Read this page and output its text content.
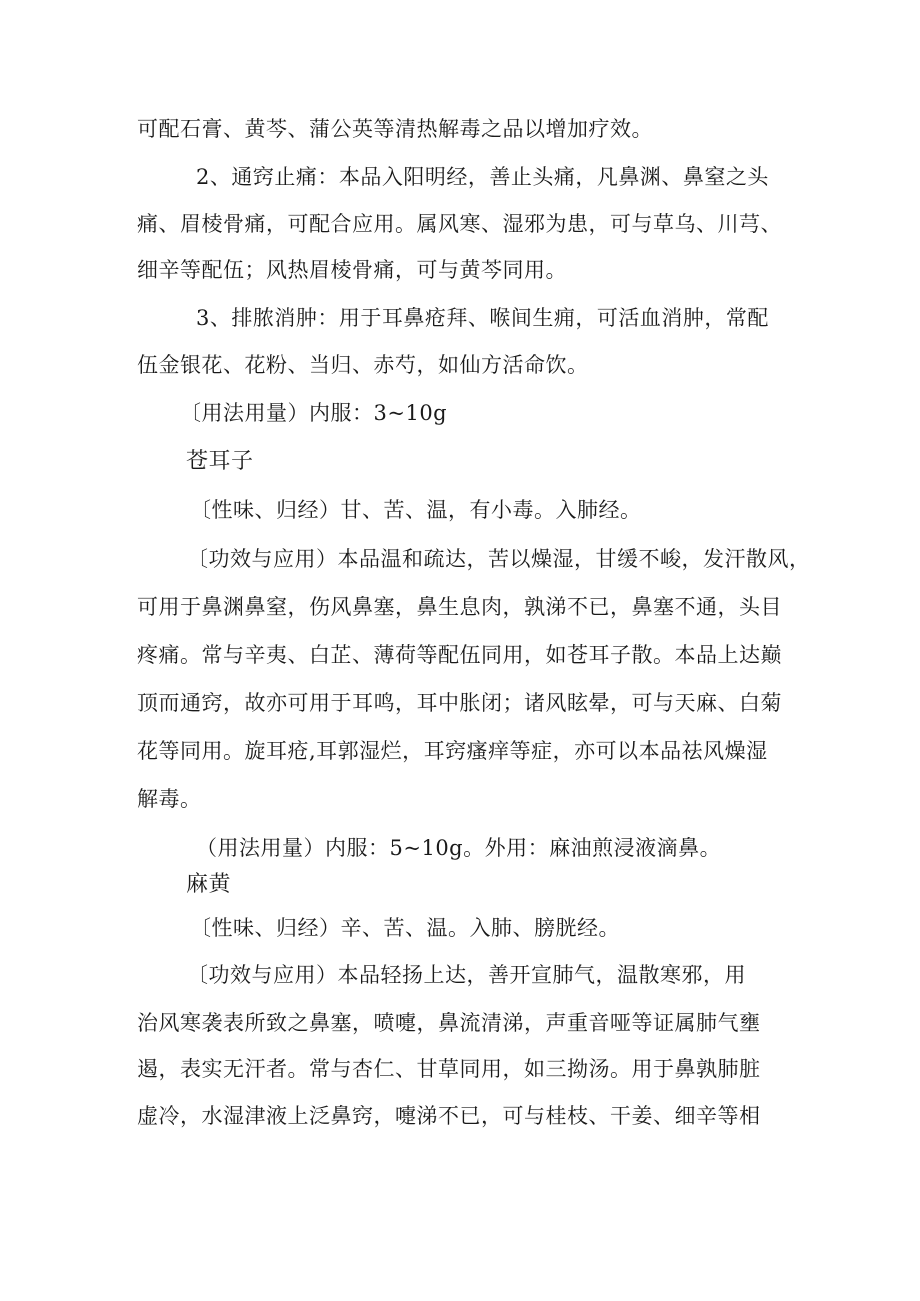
可配石膏、黄芩、蒲公英等清热解毒之品以增加疗效。
2、通窍止痛：本品入阳明经，善止头痛，凡鼻渊、鼻窒之头
痛、眉棱骨痛，可配合应用。属风寒、湿邪为患，可与草乌、川芎、
细辛等配伍；风热眉棱骨痛，可与黄芩同用。
3、排脓消肿：用于耳鼻疮拜、喉间生痈，可活血消肿，常配
伍金银花、花粉、当归、赤芍，如仙方活命饮。
〔用法用量）内服：3~10g
苍耳子
〔性味、归经）甘、苦、温，有小毒。入肺经。
〔功效与应用）本品温和疏达，苦以燥湿，甘缓不峻，发汗散风，
可用于鼻渊鼻窒，伤风鼻塞，鼻生息肉，孰涕不已，鼻塞不通，头目
疼痛。常与辛夷、白芷、薄荷等配伍同用，如苍耳子散。本品上达巅
顶而通窍，故亦可用于耳鸣，耳中胀闭；诸风眩晕，可与天麻、白菊
花等同用。旋耳疮,耳郭湿烂，耳窍瘙痒等症，亦可以本品祛风燥湿
解毒。
（用法用量）内服：5~10g。外用：麻油煎浸液滴鼻。
麻黄
〔性味、归经）辛、苦、温。入肺、膀胱经。
〔功效与应用）本品轻扬上达，善开宣肺气，温散寒邪，用
治风寒袭表所致之鼻塞，喷嚏，鼻流清涕，声重音哑等证属肺气壅
遏，表实无汗者。常与杏仁、甘草同用，如三拗汤。用于鼻孰肺脏
虚冷，水湿津液上泛鼻窍，嚏涕不已，可与桂枝、干姜、细辛等相
